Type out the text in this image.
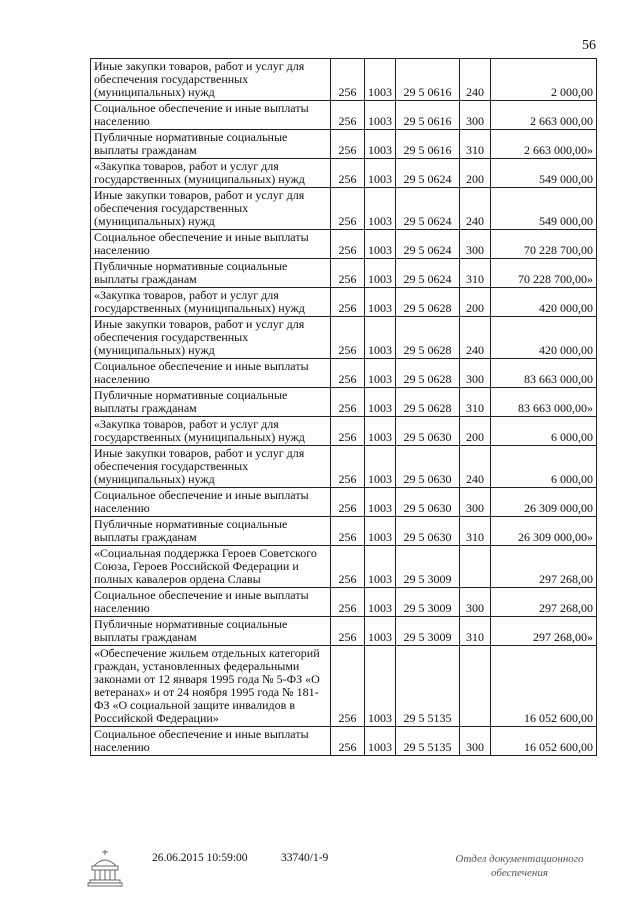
56
Иные закупки товаров, работ и услуг для обеспечения государственных (муниципальных) нужд	256	1003	29 5 0616	240	2 000,00
Социальное обеспечение и иные выплаты населению	256	1003	29 5 0616	300	2 663 000,00
Публичные нормативные социальные выплаты гражданам	256	1003	29 5 0616	310	2 663 000,00»
«Закупка товаров, работ и услуг для государственных (муниципальных) нужд	256	1003	29 5 0624	200	549 000,00
Иные закупки товаров, работ и услуг для обеспечения государственных (муниципальных) нужд	256	1003	29 5 0624	240	549 000,00
Социальное обеспечение и иные выплаты населению	256	1003	29 5 0624	300	70 228 700,00
Публичные нормативные социальные выплаты гражданам	256	1003	29 5 0624	310	70 228 700,00»
«Закупка товаров, работ и услуг для государственных (муниципальных) нужд	256	1003	29 5 0628	200	420 000,00
Иные закупки товаров, работ и услуг для обеспечения государственных (муниципальных) нужд	256	1003	29 5 0628	240	420 000,00
Социальное обеспечение и иные выплаты населению	256	1003	29 5 0628	300	83 663 000,00
Публичные нормативные социальные выплаты гражданам	256	1003	29 5 0628	310	83 663 000,00»
«Закупка товаров, работ и услуг для государственных (муниципальных) нужд	256	1003	29 5 0630	200	6 000,00
Иные закупки товаров, работ и услуг для обеспечения государственных (муниципальных) нужд	256	1003	29 5 0630	240	6 000,00
Социальное обеспечение и иные выплаты населению	256	1003	29 5 0630	300	26 309 000,00
Публичные нормативные социальные выплаты гражданам	256	1003	29 5 0630	310	26 309 000,00»
«Социальная поддержка Героев Советского Союза, Героев Российской Федерации и полных кавалеров ордена Славы	256	1003	29 5 3009		297 268,00
Социальное обеспечение и иные выплаты населению	256	1003	29 5 3009	300	297 268,00
Публичные нормативные социальные выплаты гражданам	256	1003	29 5 3009	310	297 268,00»
«Обеспечение жильем отдельных категорий граждан, установленных федеральными законами от 12 января 1995 года № 5-ФЗ «О ветеранах» и от 24 ноября 1995 года № 181-ФЗ «О социальной защите инвалидов в Российской Федерации»	256	1003	29 5 5135		16 052 600,00
Социальное обеспечение и иные выплаты населению	256	1003	29 5 5135	300	16 052 600,00
26.06.2015 10:59:00	33740/1-9	Отдел документационного обеспечения
